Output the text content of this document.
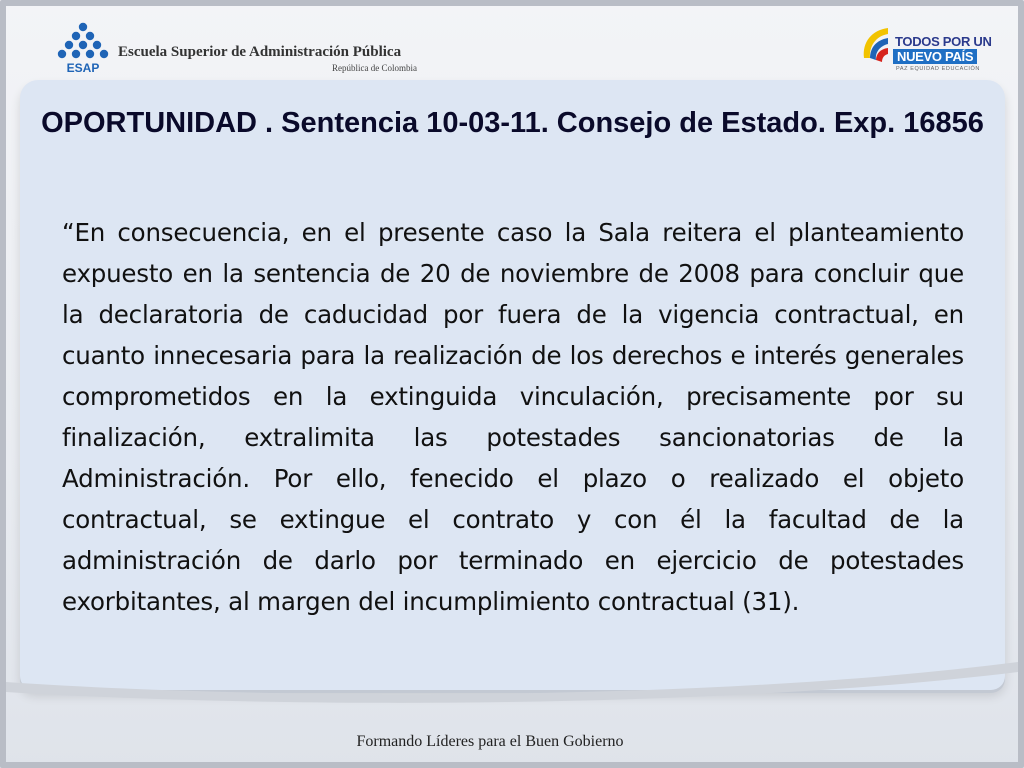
ESAP
Escuela Superior de Administración Pública
República de Colombia
TODOS POR UN
NUEVO PAÍS
PAZ EQUIDAD EDUCACIÓN
OPORTUNIDAD . Sentencia 10-03-11. Consejo de Estado. Exp. 16856
“En consecuencia, en el presente caso la Sala reitera el planteamiento expuesto en la sentencia de 20 de noviembre de 2008 para concluir que la declaratoria de caducidad por fuera de la vigencia contractual, en cuanto innecesaria para la realización de los derechos e interés generales comprometidos en la extinguida vinculación, precisamente por su finalización, extralimita las potestades sancionatorias de la Administración. Por ello, fenecido el plazo o realizado el objeto contractual, se extingue el contrato y con él la facultad de la administración de darlo por terminado en ejercicio de potestades exorbitantes, al margen del incumplimiento contractual (31).
Formando Líderes para el Buen Gobierno
